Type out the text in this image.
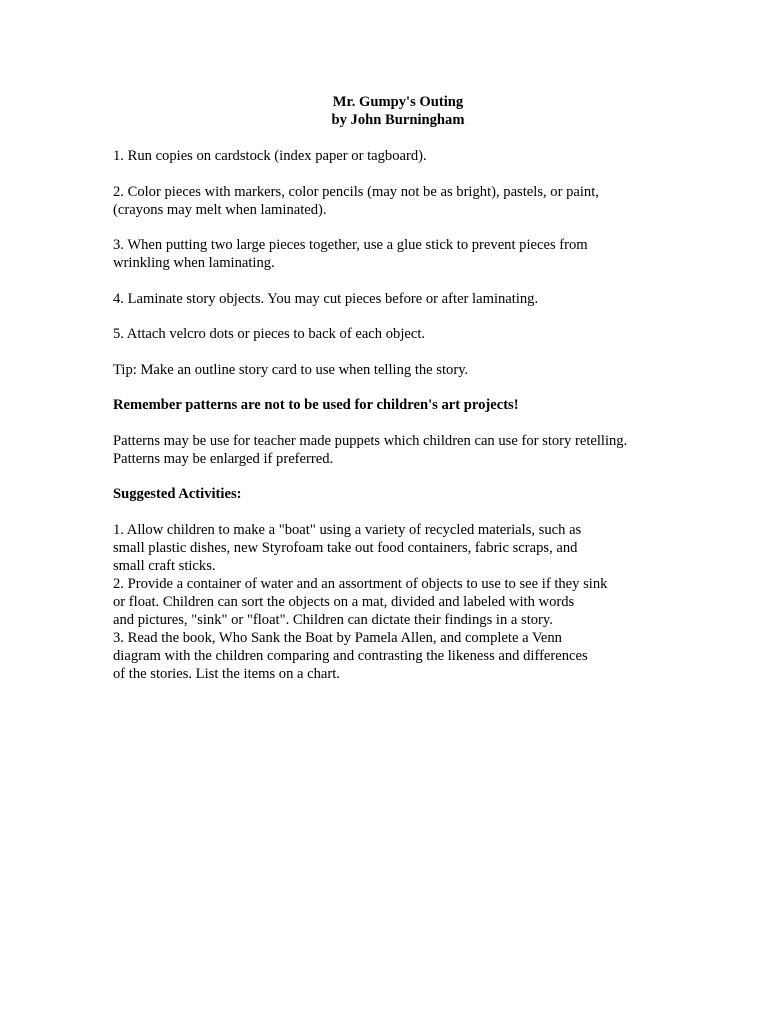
Mr. Gumpy's Outing
by John Burningham

1. Run copies on cardstock (index paper or tagboard).

2. Color pieces with markers, color pencils (may not be as bright), pastels, or paint,

(crayons may melt when laminated).

3. When putting two large pieces together, use a glue stick to prevent pieces from

wrinkling when laminating.

4. Laminate story objects. You may cut pieces before or after laminating.

5. Attach velcro dots or pieces to back of each object.

Tip: Make an outline story card to use when telling the story.

Remember patterns are not to be used for children's art projects!

Patterns may be use for teacher made puppets which children can use for story retelling.

Patterns may be enlarged if preferred.

Suggested Activities:

1. Allow children to make a "boat" using a variety of recycled materials, such as

small plastic dishes, new Styrofoam take out food containers, fabric scraps, and

small craft sticks.

2. Provide a container of water and an assortment of objects to use to see if they sink

or float. Children can sort the objects on a mat, divided and labeled with words

and pictures, "sink" or "float". Children can dictate their findings in a story.

3. Read the book, Who Sank the Boat by Pamela Allen, and complete a Venn

diagram with the children comparing and contrasting the likeness and differences

of the stories. List the items on a chart.
